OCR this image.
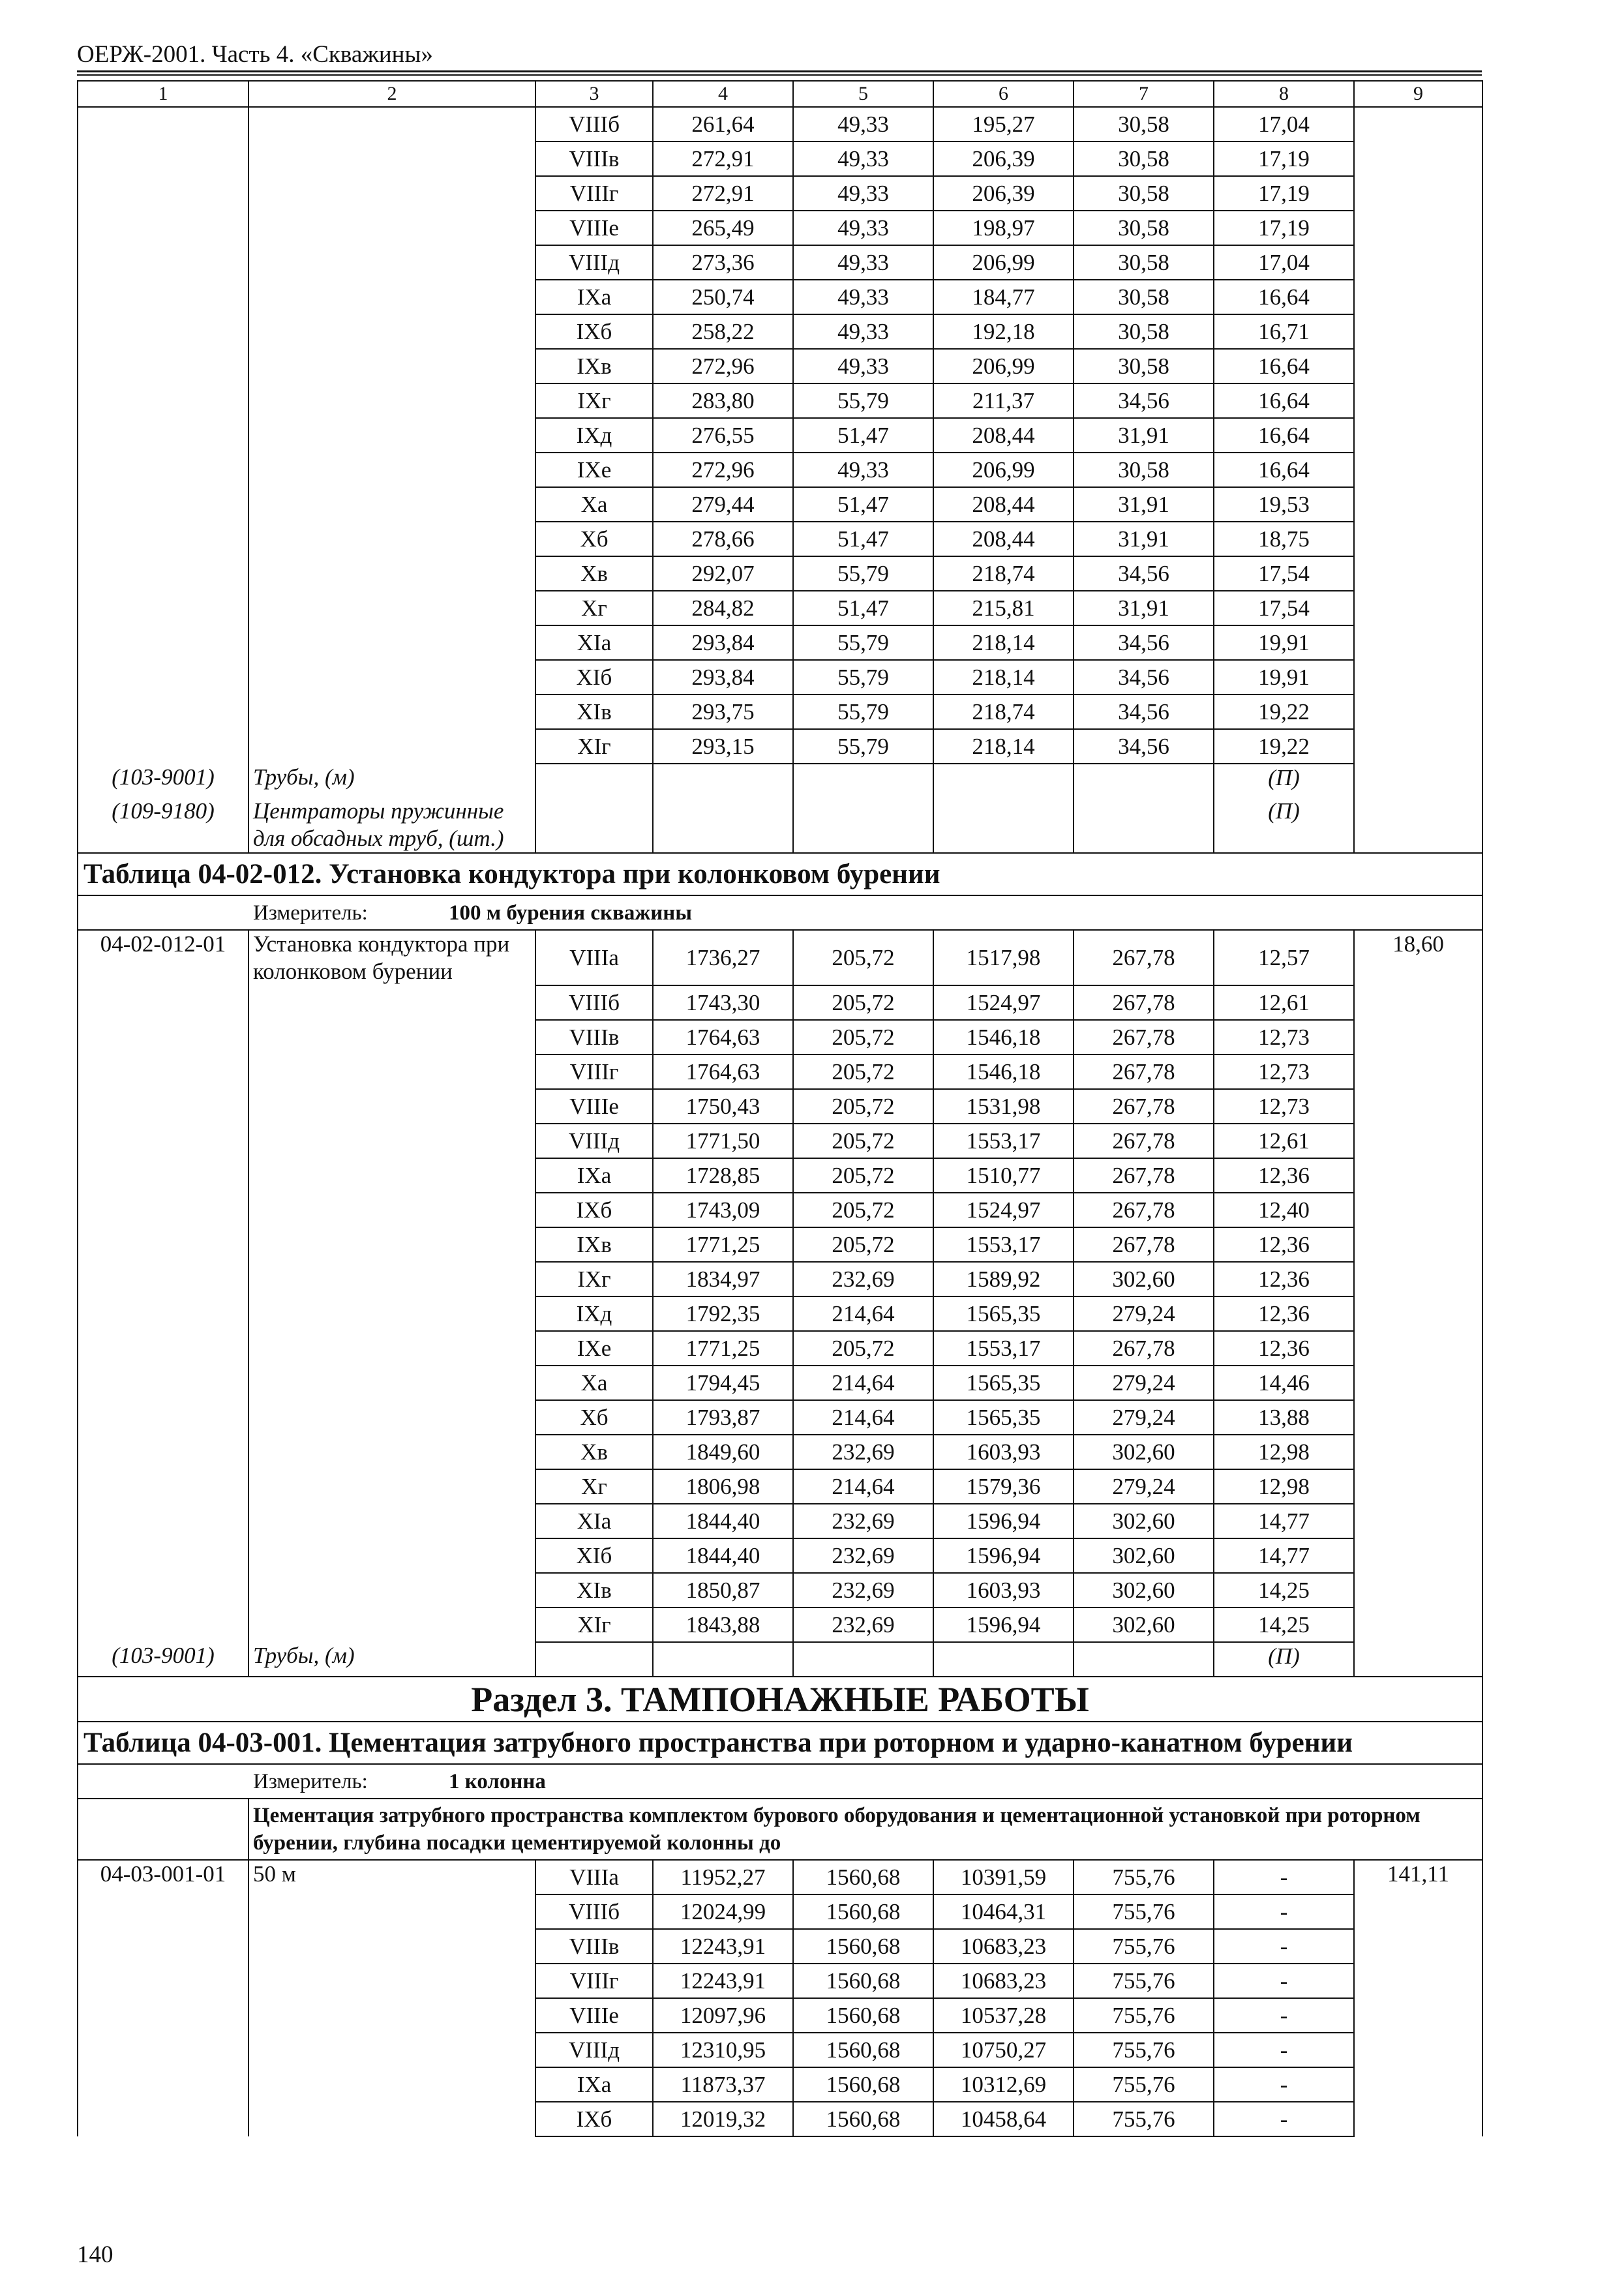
ОЕРЖ-2001. Часть 4. «Скважины»
1	2	3	4	5	6	7	8	9
		VIIIб	261,64	49,33	195,27	30,58	17,04	
		VIIIв	272,91	49,33	206,39	30,58	17,19	
		VIIIг	272,91	49,33	206,39	30,58	17,19	
		VIIIе	265,49	49,33	198,97	30,58	17,19	
		VIIIд	273,36	49,33	206,99	30,58	17,04	
		IXа	250,74	49,33	184,77	30,58	16,64	
		IXб	258,22	49,33	192,18	30,58	16,71	
		IXв	272,96	49,33	206,99	30,58	16,64	
		IXг	283,80	55,79	211,37	34,56	16,64	
		IXд	276,55	51,47	208,44	31,91	16,64	
		IXе	272,96	49,33	206,99	30,58	16,64	
		Xа	279,44	51,47	208,44	31,91	19,53	
		Xб	278,66	51,47	208,44	31,91	18,75	
		Xв	292,07	55,79	218,74	34,56	17,54	
		Xг	284,82	51,47	215,81	31,91	17,54	
		XIа	293,84	55,79	218,14	34,56	19,91	
		XIб	293,84	55,79	218,14	34,56	19,91	
		XIв	293,75	55,79	218,74	34,56	19,22	
		XIг	293,15	55,79	218,14	34,56	19,22	
(103-9001)	Трубы, (м)						(П)	
(109-9180)	Центраторы пружинные для обсадных труб, (шт.)						(П)	
Таблица 04-02-012. Установка кондуктора при колонковом бурении								
Измеритель: 100 м бурения скважины								
04-02-012-01	Установка кондуктора при колонковом бурении	VIIIа	1736,27	205,72	1517,98	267,78	12,57	18,60
		VIIIб	1743,30	205,72	1524,97	267,78	12,61	
		VIIIв	1764,63	205,72	1546,18	267,78	12,73	
		VIIIг	1764,63	205,72	1546,18	267,78	12,73	
		VIIIе	1750,43	205,72	1531,98	267,78	12,73	
		VIIIд	1771,50	205,72	1553,17	267,78	12,61	
		IXа	1728,85	205,72	1510,77	267,78	12,36	
		IXб	1743,09	205,72	1524,97	267,78	12,40	
		IXв	1771,25	205,72	1553,17	267,78	12,36	
		IXг	1834,97	232,69	1589,92	302,60	12,36	
		IXд	1792,35	214,64	1565,35	279,24	12,36	
		IXе	1771,25	205,72	1553,17	267,78	12,36	
		Xа	1794,45	214,64	1565,35	279,24	14,46	
		Xб	1793,87	214,64	1565,35	279,24	13,88	
		Xв	1849,60	232,69	1603,93	302,60	12,98	
		Xг	1806,98	214,64	1579,36	279,24	12,98	
		XIа	1844,40	232,69	1596,94	302,60	14,77	
		XIб	1844,40	232,69	1596,94	302,60	14,77	
		XIв	1850,87	232,69	1603,93	302,60	14,25	
		XIг	1843,88	232,69	1596,94	302,60	14,25	
(103-9001)	Трубы, (м)						(П)	
Раздел 3. ТАМПОНАЖНЫЕ РАБОТЫ								
Таблица 04-03-001. Цементация затрубного пространства при роторном и ударно-канатном бурении								
Измеритель: 1 колонна								
	Цементация затрубного пространства комплектом бурового оборудования и цементационной установкой при роторном бурении, глубина посадки цементируемой колонны до							
04-03-001-01	50 м	VIIIа	11952,27	1560,68	10391,59	755,76	-	141,11
		VIIIб	12024,99	1560,68	10464,31	755,76	-	
		VIIIв	12243,91	1560,68	10683,23	755,76	-	
		VIIIг	12243,91	1560,68	10683,23	755,76	-	
		VIIIе	12097,96	1560,68	10537,28	755,76	-	
		VIIIд	12310,95	1560,68	10750,27	755,76	-	
		IXа	11873,37	1560,68	10312,69	755,76	-	
		IXб	12019,32	1560,68	10458,64	755,76	-	
140
